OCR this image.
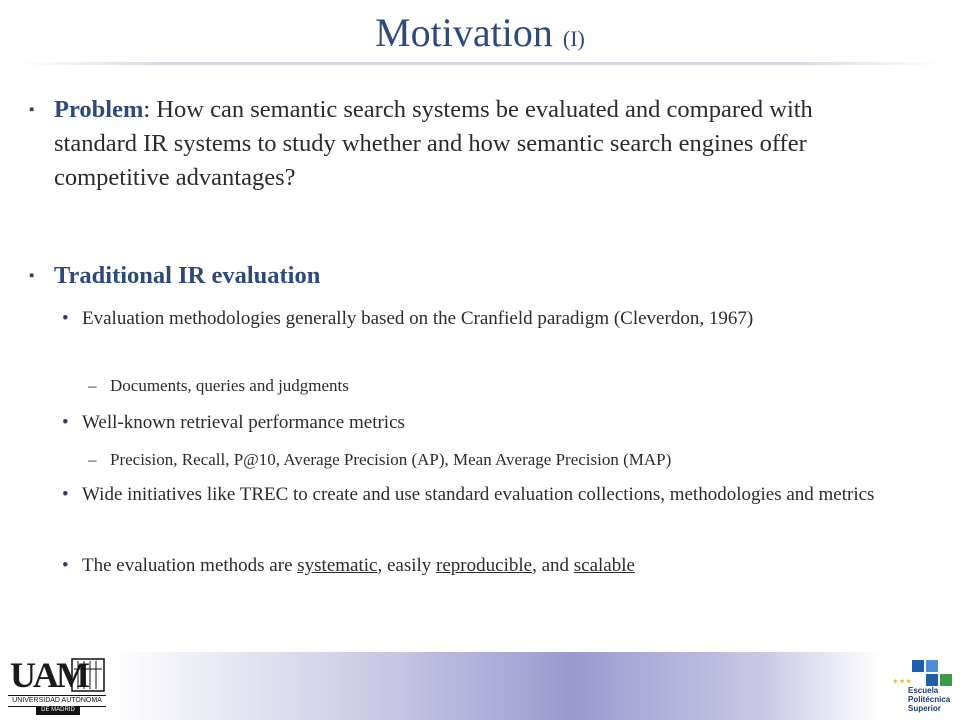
Motivation (I)
▪ Problem: How can semantic search systems be evaluated and compared with standard IR systems to study whether and how semantic search engines offer competitive advantages?
▪ Traditional IR evaluation
• Evaluation methodologies generally based on the Cranfield paradigm (Cleverdon, 1967)
– Documents, queries and judgments
• Well-known retrieval performance metrics
– Precision, Recall, P@10, Average Precision (AP), Mean Average Precision (MAP)
• Wide initiatives like TREC to create and use standard evaluation collections, methodologies and metrics
• The evaluation methods are systematic, easily reproducible, and scalable
UAM
UNIVERSIDAD AUTONOMA
DE MADRID
✶✶✶
Escuela
Politécnica
Superior
